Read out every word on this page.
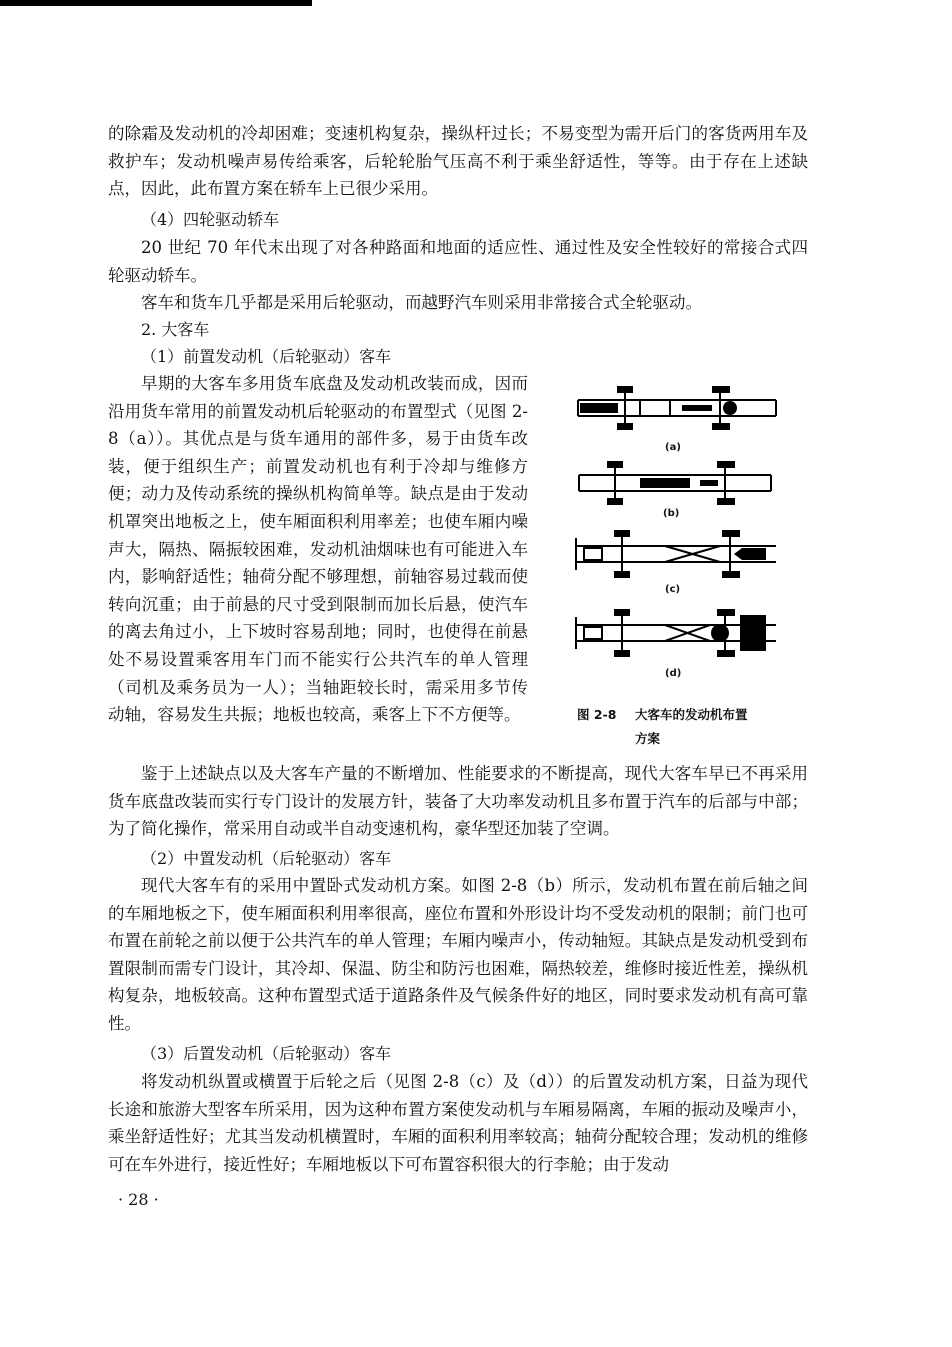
的除霜及发动机的冷却困难；变速机构复杂，操纵杆过长；不易变型为需开后门的客货两用车及救护车；发动机噪声易传给乘客，后轮轮胎气压高不利于乘坐舒适性，等等。由于存在上述缺点，因此，此布置方案在轿车上已很少采用。

（4）四轮驱动轿车

20 世纪 70 年代末出现了对各种路面和地面的适应性、通过性及安全性较好的常接合式四轮驱动轿车。

客车和货车几乎都是采用后轮驱动，而越野汽车则采用非常接合式全轮驱动。

2. 大客车

（1）前置发动机（后轮驱动）客车

早期的大客车多用货车底盘及发动机改装而成，因而沿用货车常用的前置发动机后轮驱动的布置型式（见图 2-8（a））。其优点是与货车通用的部件多，易于由货车改装，便于组织生产；前置发动机也有利于冷却与维修方便；动力及传动系统的操纵机构简单等。缺点是由于发动机罩突出地板之上，使车厢面积利用率差；也使车厢内噪声大，隔热、隔振较困难，发动机油烟味也有可能进入车内，影响舒适性；轴荷分配不够理想，前轴容易过载而使转向沉重；由于前悬的尺寸受到限制而加长后悬，使汽车的离去角过小，上下坡时容易刮地；同时，也使得在前悬处不易设置乘客用车门而不能实行公共汽车的单人管理（司机及乘务员为一人）；当轴距较长时，需采用多节传动轴，容易发生共振；地板也较高，乘客上下不方便等。

(a)
(b)
(c)
(d)
图 2-8 大客车的发动机布置
方案

鉴于上述缺点以及大客车产量的不断增加、性能要求的不断提高，现代大客车早已不再采用货车底盘改装而实行专门设计的发展方针，装备了大功率发动机且多布置于汽车的后部与中部；为了简化操作，常采用自动或半自动变速机构，豪华型还加装了空调。

（2）中置发动机（后轮驱动）客车

现代大客车有的采用中置卧式发动机方案。如图 2-8（b）所示，发动机布置在前后轴之间的车厢地板之下，使车厢面积利用率很高，座位布置和外形设计均不受发动机的限制；前门也可布置在前轮之前以便于公共汽车的单人管理；车厢内噪声小，传动轴短。其缺点是发动机受到布置限制而需专门设计，其冷却、保温、防尘和防污也困难，隔热较差，维修时接近性差，操纵机构复杂，地板较高。这种布置型式适于道路条件及气候条件好的地区，同时要求发动机有高可靠性。

（3）后置发动机（后轮驱动）客车

将发动机纵置或横置于后轮之后（见图 2-8（c）及（d））的后置发动机方案，日益为现代长途和旅游大型客车所采用，因为这种布置方案使发动机与车厢易隔离，车厢的振动及噪声小，乘坐舒适性好；尤其当发动机横置时，车厢的面积利用率较高；轴荷分配较合理；发动机的维修可在车外进行，接近性好；车厢地板以下可布置容积很大的行李舱；由于发动

· 28 ·
